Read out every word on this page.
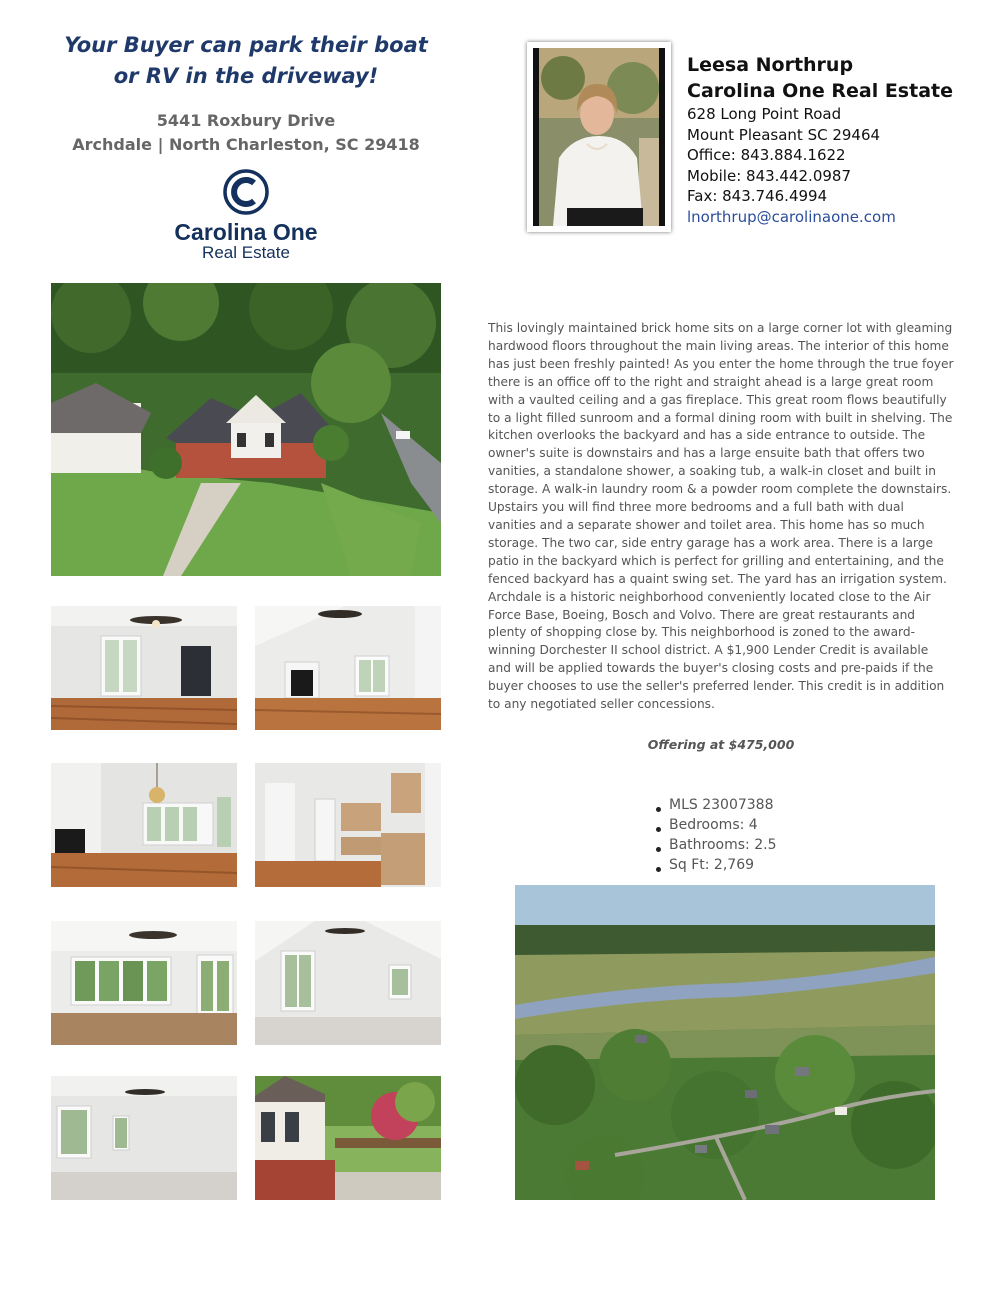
Your Buyer can park their boat
or RV in the driveway!
5441 Roxbury Drive
Archdale | North Charleston, SC 29418
Carolina One
Real Estate
Leesa Northrup
Carolina One Real Estate
628 Long Point Road
Mount Pleasant SC 29464
Office: 843.884.1622
Mobile: 843.442.0987
Fax: 843.746.4994
lnorthrup@carolinaone.com

This lovingly maintained brick home sits on a large corner lot with gleaming hardwood floors throughout the main living areas. The interior of this home has just been freshly painted! As you enter the home through the true foyer there is an office off to the right and straight ahead is a large great room with a vaulted ceiling and a gas fireplace. This great room flows beautifully to a light filled sunroom and a formal dining room with built in shelving. The kitchen overlooks the backyard and has a side entrance to outside. The owner's suite is downstairs and has a large ensuite bath that offers two vanities, a standalone shower, a soaking tub, a walk-in closet and built in storage. A walk-in laundry room & a powder room complete the downstairs. Upstairs you will find three more bedrooms and a full bath with dual vanities and a separate shower and toilet area. This home has so much storage. The two car, side entry garage has a work area. There is a large patio in the backyard which is perfect for grilling and entertaining, and the fenced backyard has a quaint swing set. The yard has an irrigation system. Archdale is a historic neighborhood conveniently located close to the Air Force Base, Boeing, Bosch and Volvo. There are great restaurants and plenty of shopping close by. This neighborhood is zoned to the award-winning Dorchester II school district. A $1,900 Lender Credit is available and will be applied towards the buyer's closing costs and pre-paids if the buyer chooses to use the seller's preferred lender. This credit is in addition to any negotiated seller concessions.

Offering at $475,000
MLS 23007388
Bedrooms: 4
Bathrooms: 2.5
Sq Ft: 2,769
